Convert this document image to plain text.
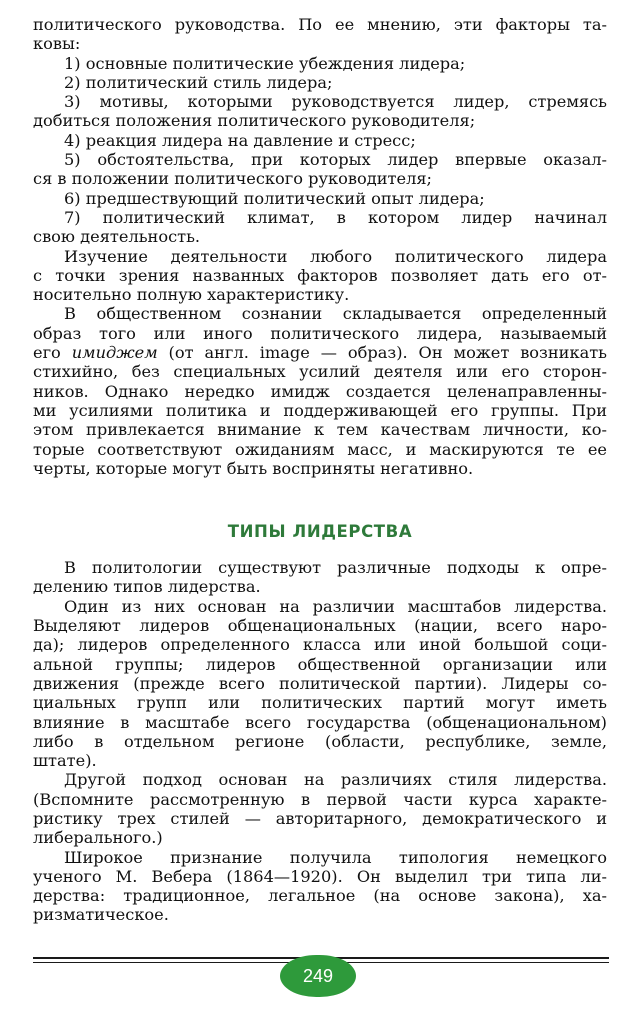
политического руководства. По ее мнению, эти факторы та-
ковы:
1) основные политические убеждения лидера;
2) политический стиль лидера;
3) мотивы, которыми руководствуется лидер, стремясь
добиться положения политического руководителя;
4) реакция лидера на давление и стресс;
5) обстоятельства, при которых лидер впервые оказал-
ся в положении политического руководителя;
6) предшествующий политический опыт лидера;
7) политический климат, в котором лидер начинал
свою деятельность.
Изучение деятельности любого политического лидера
с точки зрения названных факторов позволяет дать его от-
носительно полную характеристику.
В общественном сознании складывается определенный
образ того или иного политического лидера, называемый
его имиджем (от англ. image — образ). Он может возникать
стихийно, без специальных усилий деятеля или его сторон-
ников. Однако нередко имидж создается целенаправленны-
ми усилиями политика и поддерживающей его группы. При
этом привлекается внимание к тем качествам личности, ко-
торые соответствуют ожиданиям масс, и маскируются те ее
черты, которые могут быть восприняты негативно.
ТИПЫ ЛИДЕРСТВА
В политологии существуют различные подходы к опре-
делению типов лидерства.
Один из них основан на различии масштабов лидерства.
Выделяют лидеров общенациональных (нации, всего наро-
да); лидеров определенного класса или иной большой соци-
альной группы; лидеров общественной организации или
движения (прежде всего политической партии). Лидеры со-
циальных групп или политических партий могут иметь
влияние в масштабе всего государства (общенациональном)
либо в отдельном регионе (области, республике, земле,
штате).
Другой подход основан на различиях стиля лидерства.
(Вспомните рассмотренную в первой части курса характе-
ристику трех стилей — авторитарного, демократического и
либерального.)
Широкое признание получила типология немецкого
ученого М. Вебера (1864—1920). Он выделил три типа ли-
дерства: традиционное, легальное (на основе закона), ха-
ризматическое.
249
